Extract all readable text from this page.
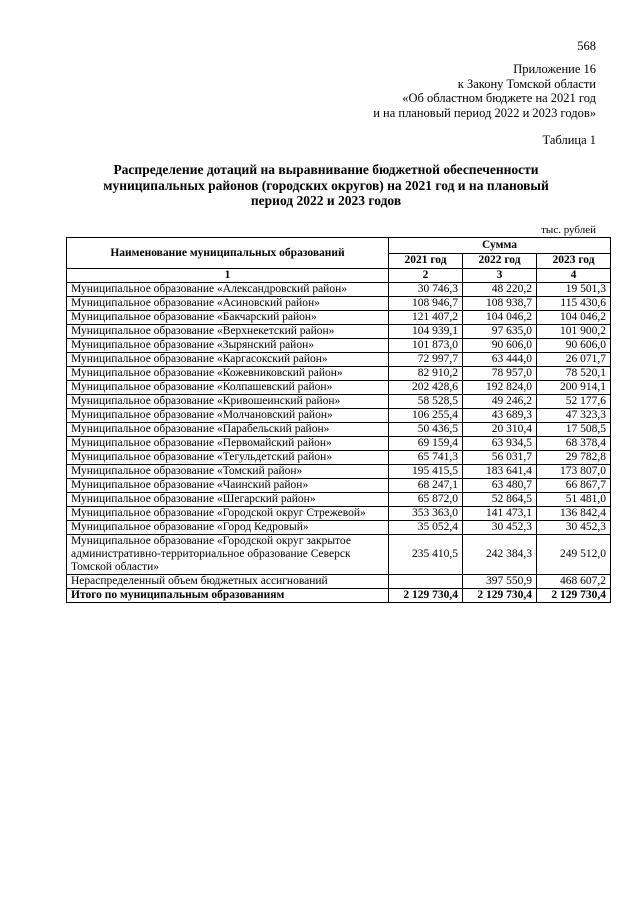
568
Приложение 16
к Закону Томской области
«Об областном бюджете на 2021 год
и на плановый период 2022 и 2023 годов»
Таблица 1
Распределение дотаций на выравнивание бюджетной обеспеченности
муниципальных районов (городских округов) на 2021 год и на плановый
период 2022 и 2023 годов
тыс. рублей
Наименование муниципальных образований	Сумма		
	2021 год	2022 год	2023 год
1	2	3	4
Муниципальное образование «Александровский район»	30 746,3	48 220,2	19 501,3
Муниципальное образование «Асиновский район»	108 946,7	108 938,7	115 430,6
Муниципальное образование «Бакчарский район»	121 407,2	104 046,2	104 046,2
Муниципальное образование «Верхнекетский район»	104 939,1	97 635,0	101 900,2
Муниципальное образование «Зырянский район»	101 873,0	90 606,0	90 606,0
Муниципальное образование «Каргасокский район»	72 997,7	63 444,0	26 071,7
Муниципальное образование «Кожевниковский район»	82 910,2	78 957,0	78 520,1
Муниципальное образование «Колпашевский район»	202 428,6	192 824,0	200 914,1
Муниципальное образование «Кривошеинский район»	58 528,5	49 246,2	52 177,6
Муниципальное образование «Молчановский район»	106 255,4	43 689,3	47 323,3
Муниципальное образование «Парабельский район»	50 436,5	20 310,4	17 508,5
Муниципальное образование «Первомайский район»	69 159,4	63 934,5	68 378,4
Муниципальное образование «Тегульдетский район»	65 741,3	56 031,7	29 782,8
Муниципальное образование «Томский район»	195 415,5	183 641,4	173 807,0
Муниципальное образование «Чаинский район»	68 247,1	63 480,7	66 867,7
Муниципальное образование «Шегарский район»	65 872,0	52 864,5	51 481,0
Муниципальное образование «Городской округ Стрежевой»	353 363,0	141 473,1	136 842,4
Муниципальное образование «Город Кедровый»	35 052,4	30 452,3	30 452,3
Муниципальное образование «Городской округ закрытое административно-территориальное образование Северск Томской области»	235 410,5	242 384,3	249 512,0
Нераспределенный объем бюджетных ассигнований		397 550,9	468 607,2
Итого по муниципальным образованиям	2 129 730,4	2 129 730,4	2 129 730,4
